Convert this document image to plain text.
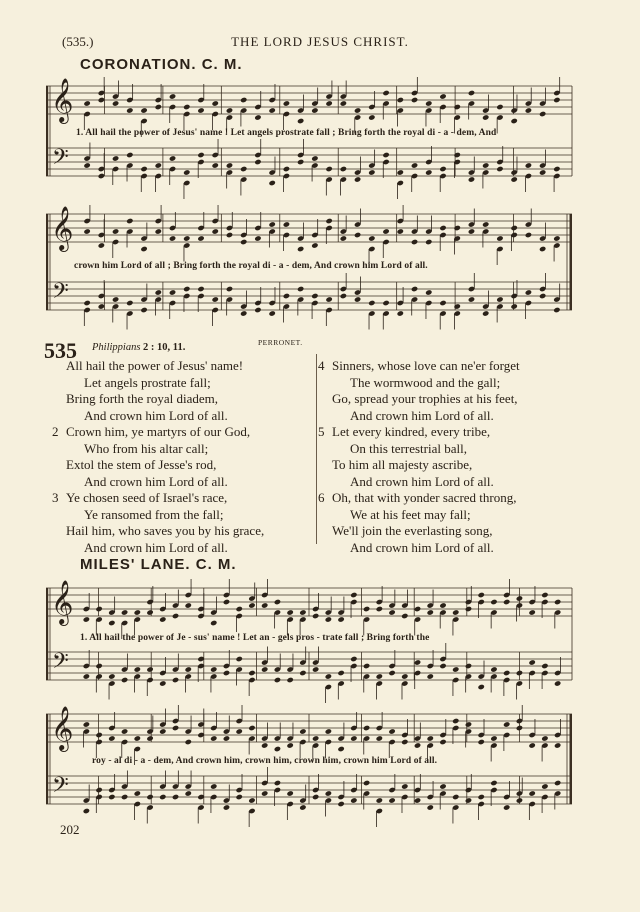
(535.)	THE LORD JESUS CHRIST.
CORONATION. C. M.
𝄞
𝄢
𝄞
𝄢
𝄞
𝄢
𝄞
𝄢
1. All hail the power of Jesus' name ! Let angels prostrate fall ; Bring forth the royal di - a - dem, And
crown him Lord of all ; Bring forth the royal di - a - dem, And crown him Lord of all.
535 Philippians 2 : 10, 11.	PERRONET.
All hail the power of Jesus' name!
Let angels prostrate fall;
Bring forth the royal diadem,
And crown him Lord of all.
2 Crown him, ye martyrs of our God,
Who from his altar call;
Extol the stem of Jesse's rod,
And crown him Lord of all.
3 Ye chosen seed of Israel's race,
Ye ransomed from the fall;
Hail him, who saves you by his grace,
And crown him Lord of all.
4 Sinners, whose love can ne'er forget
The wormwood and the gall;
Go, spread your trophies at his feet,
And crown him Lord of all.
5 Let every kindred, every tribe,
On this terrestrial ball,
To him all majesty ascribe,
And crown him Lord of all.
6 Oh, that with yonder sacred throng,
We at his feet may fall;
We'll join the everlasting song,
And crown him Lord of all.
MILES' LANE. C. M.
1. All hail the power of Je - sus' name ! Let an - gels pros - trate fall ; Bring forth the
roy - al di - a - dem, And crown him, crown him, crown him, crown him Lord of all.
202
